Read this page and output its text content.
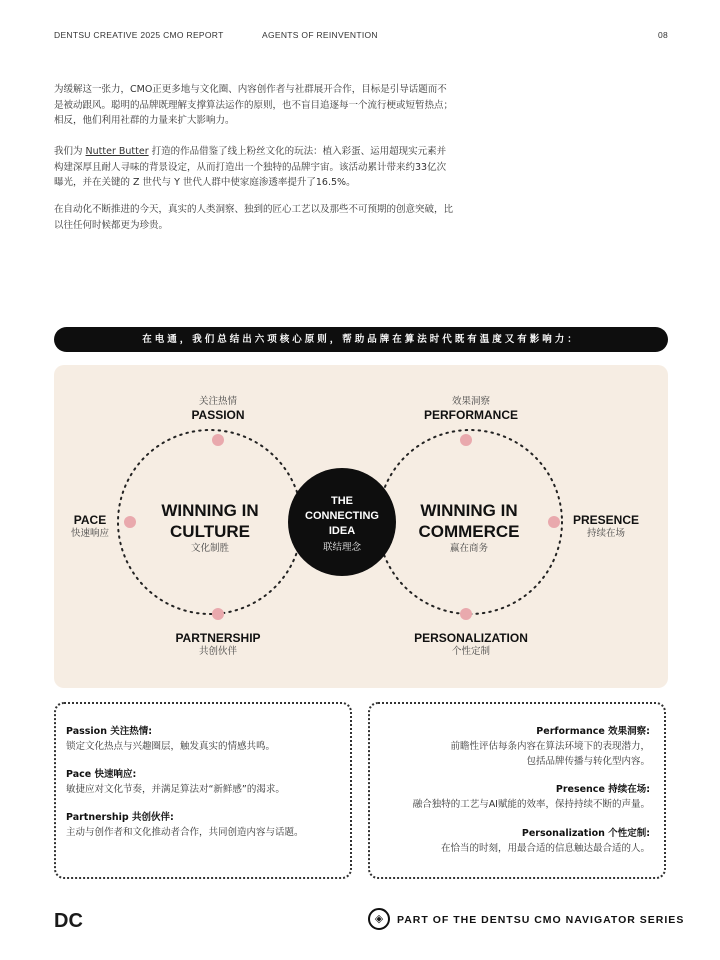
DENTSU CREATIVE 2025 CMO REPORT	AGENTS OF REINVENTION	08
为缓解这一张力，CMO正更多地与文化圈、内容创作者与社群展开合作，目标是引导话题而不是被动跟风。聪明的品牌既理解支撑算法运作的原则，也不盲目追逐每一个流行梗或短暂热点；相反，他们利用社群的力量来扩大影响力。
我们为 Nutter Butter 打造的作品借鉴了线上粉丝文化的玩法：植入彩蛋、运用超现实元素并构建深厚且耐人寻味的背景设定，从而打造出一个独特的品牌宇宙。该活动累计带来约33亿次曝光，并在关键的 Z 世代与 Y 世代人群中使家庭渗透率提升了16.5%。
在自动化不断推进的今天，真实的人类洞察、独到的匠心工艺以及那些不可预期的创意突破，比以往任何时候都更为珍贵。
在电通，我们总结出六项核心原则，帮助品牌在算法时代既有温度又有影响力：
关注热情
PASSION
效果洞察
PERFORMANCE
PACE
快速响应
PRESENCE
持续在场
PARTNERSHIP
共创伙伴
PERSONALIZATION
个性定制
WINNING IN
CULTURE
文化制胜
WINNING IN
COMMERCE
赢在商务
THE
CONNECTING
IDEA
联结理念
Passion 关注热情:
锁定文化热点与兴趣圈层，触发真实的情感共鸣。
Pace 快速响应:
敏捷应对文化节奏，并满足算法对“新鲜感”的渴求。
Partnership 共创伙伴:
主动与创作者和文化推动者合作，共同创造内容与话题。
Performance 效果洞察:
前瞻性评估每条内容在算法环境下的表现潜力，
包括品牌传播与转化型内容。
Presence 持续在场:
融合独特的工艺与AI赋能的效率，保持持续不断的声量。
Personalization 个性定制:
在恰当的时刻，用最合适的信息触达最合适的人。
DC	◈	PART OF THE DENTSU CMO NAVIGATOR SERIES
